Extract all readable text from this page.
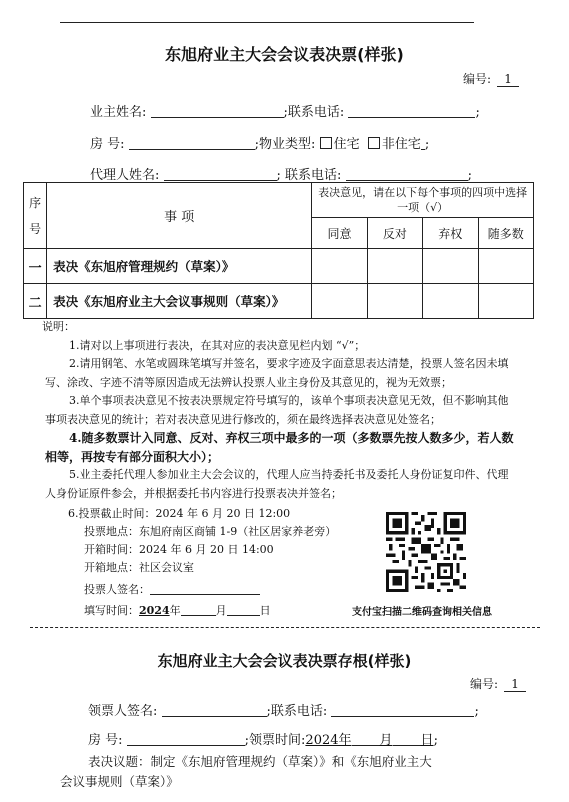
东旭府业主大会会议表决票(样张)
编号: 1
业主姓名:	;联系电话:	;
房 号:	;物业类型: 住宅 非住宅 ;
代理人姓名:	; 联系电话:	;
序
号	事 项	表决意见，请在以下每个事项的四项中选择一项（√）			
		同意	反对	弃权	随多数
一	表决《东旭府管理规约（草案）》				
二	表决《东旭府业主大会议事规则（草案）》				

说明：

1.请对以上事项进行表决，在其对应的表决意见栏内划 “√”；

2.请用钢笔、水笔或圆珠笔填写并签名，要求字迹及字面意思表达清楚，投票人签名因未填写、涂改、字迹不清等原因造成无法辨认投票人业主身份及其意见的，视为无效票；

3.单个事项表决意见不按表决票规定符号填写的，该单个事项表决意见无效，但不影响其他事项表决意见的统计；若对表决意见进行修改的，须在最终选择表决意见处签名；

4.随多数票计入同意、反对、弃权三项中最多的一项（多数票先按人数多少，若人数相等，再按专有部分面积大小）；

5.业主委托代理人参加业主大会会议的，代理人应当持委托书及委托人身份证复印件、代理人身份证原件参会，并根据委托书内容进行投票表决并签名；

6.投票截止时间：2024 年 6 月 20 日 12:00
投票地点：东旭府南区商铺 1-9（社区居家养老旁）
开箱时间：2024 年 6 月 20 日 14:00
开箱地点：社区会议室
投票人签名：
填写时间：2024年	月	日	支付宝扫描二维码查询相关信息
东旭府业主大会会议表决票存根(样张)
编号: 1
领票人签名:	;联系电话:	;
房 号:	;领票时间:2024年 月 日;
表决议题：制定《东旭府管理规约（草案）》和《东旭府业主大
会议事规则（草案）》
